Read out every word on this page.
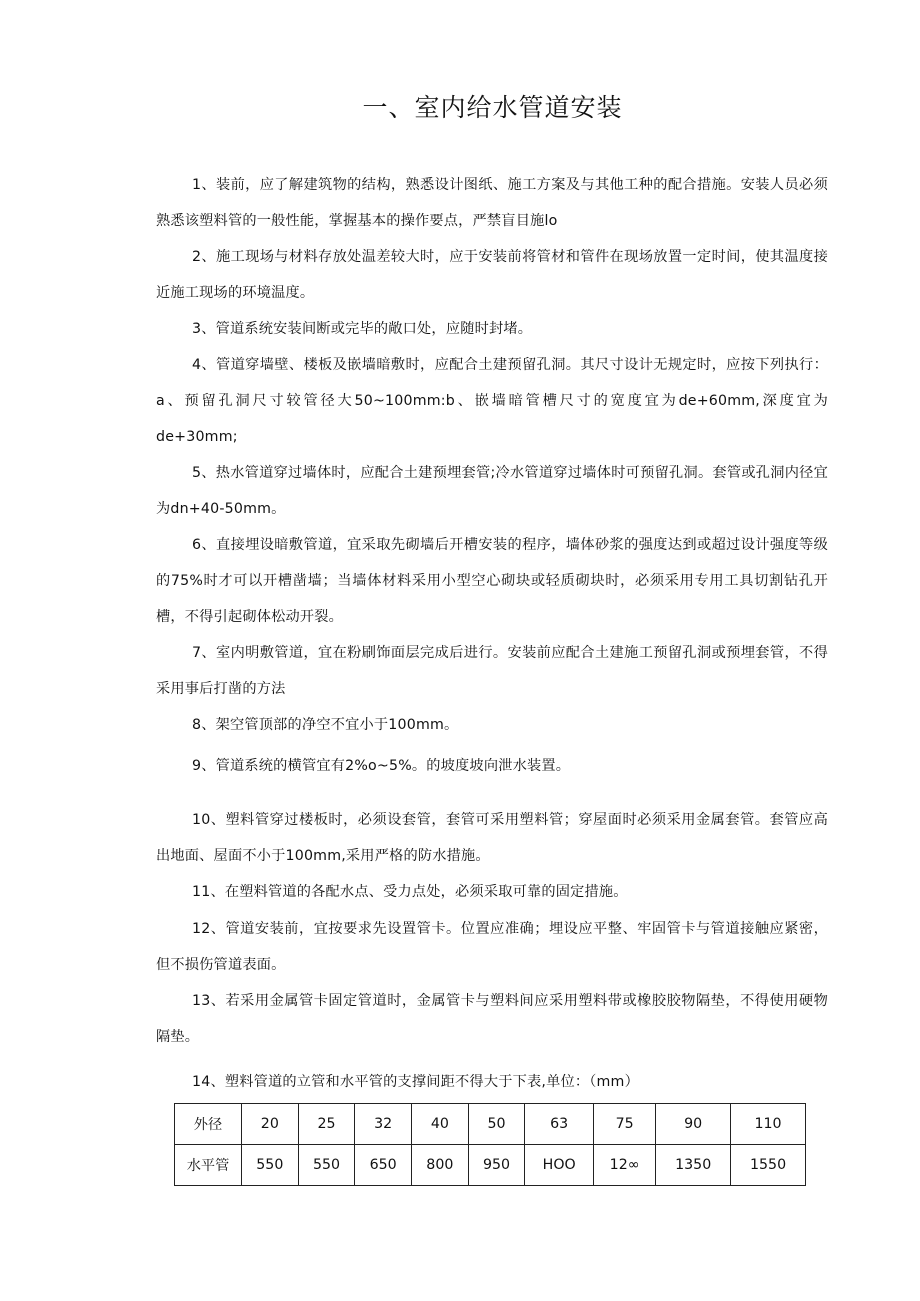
一、室内给水管道安装

1、装前，应了解建筑物的结构，熟悉设计图纸、施工方案及与其他工种的配合措施。安装人员必须熟悉该塑料管的一般性能，掌握基本的操作要点，严禁盲目施lo

2、施工现场与材料存放处温差较大时，应于安装前将管材和管件在现场放置一定时间，使其温度接近施工现场的环境温度。

3、管道系统安装间断或完毕的敞口处，应随时封堵。

4、管道穿墙壁、楼板及嵌墙暗敷时，应配合土建预留孔洞。其尺寸设计无规定时，应按下列执行：a、预留孔洞尺寸较管径大50~100mm:b、嵌墙暗管槽尺寸的宽度宜为de+60mm,深度宜为de+30mm;

5、热水管道穿过墙体时，应配合土建预埋套管;冷水管道穿过墙体时可预留孔洞。套管或孔洞内径宜为dn+40-50mm。

6、直接埋设暗敷管道，宜采取先砌墙后开槽安装的程序，墙体砂浆的强度达到或超过设计强度等级的75%时才可以开槽凿墙；当墙体材料采用小型空心砌块或轻质砌块时，必须采用专用工具切割钻孔开槽，不得引起砌体松动开裂。

7、室内明敷管道，宜在粉刷饰面层完成后进行。安装前应配合土建施工预留孔洞或预埋套管，不得采用事后打凿的方法

8、架空管顶部的净空不宜小于100mm。

9、管道系统的横管宜有2%o~5%。的坡度坡向泄水装置。

10、塑料管穿过楼板时，必须设套管，套管可采用塑料管；穿屋面时必须采用金属套管。套管应高出地面、屋面不小于100mm,采用严格的防水措施。

11、在塑料管道的各配水点、受力点处，必须采取可靠的固定措施。

12、管道安装前，宜按要求先设置管卡。位置应准确；埋设应平整、牢固管卡与管道接触应紧密，但不损伤管道表面。

13、若采用金属管卡固定管道时，金属管卡与塑料间应采用塑料带或橡胶胶物隔垫，不得使用硬物隔垫。

14、塑料管道的立管和水平管的支撑间距不得大于下表,单位：（mm）

外径	20	25	32	40	50	63	75	90	110
水平管	550	550	650	800	950	HOO	12∞	1350	1550
